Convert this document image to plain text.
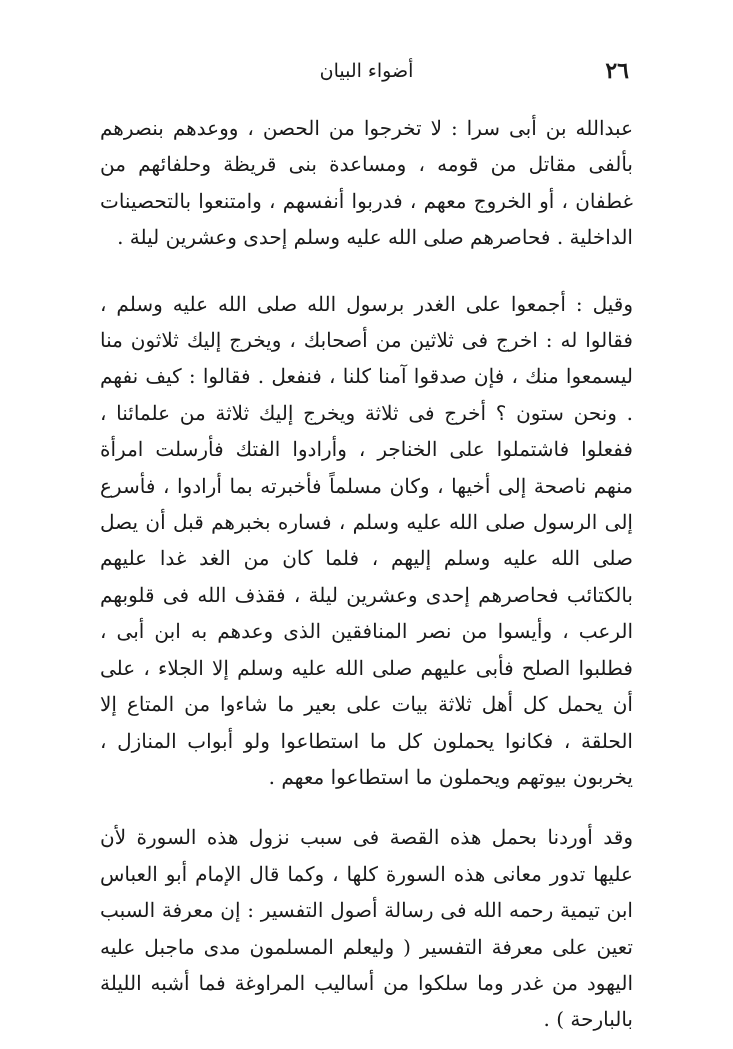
٢٦
أضواء البيان

عبدالله بن أبى سرا : لا تخرجوا من الحصن ، ووعدهم بنصرهم بألفى مقاتل من قومه ، ومساعدة بنى قريظة وحلفائهم من غطفان ، أو الخروج معهم ، فدربوا أنفسهم ، وامتنعوا بالتحصينات الداخلية . فحاصرهم صلى الله عليه وسلم إحدى وعشرين ليلة .

وقيل : أجمعوا على الغدر برسول الله صلى الله عليه وسلم ، فقالوا له : اخرج فى ثلاثين من أصحابك ، ويخرج إليك ثلاثون منا ليسمعوا منك ، فإن صدقوا آمنا كلنا ، فنفعل . فقالوا : كيف نفهم . ونحن ستون ؟ أخرج فى ثلاثة ويخرج إليك ثلاثة من علمائنا ، ففعلوا فاشتملوا على الخناجر ، وأرادوا الفتك فأرسلت امرأة منهم ناصحة إلى أخيها ، وكان مسلماً فأخبرته بما أرادوا ، فأسرع إلى الرسول صلى الله عليه وسلم ، فساره بخبرهم قبل أن يصل صلى الله عليه وسلم إليهم ، فلما كان من الغد غدا عليهم بالكتائب فحاصرهم إحدى وعشرين ليلة ، فقذف الله فى قلوبهم الرعب ، وأيسوا من نصر المنافقين الذى وعدهم به ابن أبى ، فطلبوا الصلح فأبى عليهم صلى الله عليه وسلم إلا الجلاء ، على أن يحمل كل أهل ثلاثة بيات على بعير ما شاءوا من المتاع إلا الحلقة ، فكانوا يحملون كل ما استطاعوا ولو أبواب المنازل ، يخربون بيوتهم ويحملون ما استطاعوا معهم .

وقد أوردنا بحمل هذه القصة فى سبب نزول هذه السورة لأن عليها تدور معانى هذه السورة كلها ، وكما قال الإمام أبو العباس ابن تيمية رحمه الله فى رسالة أصول التفسير : إن معرفة السبب تعين على معرفة التفسير ( وليعلم المسلمون مدى ماجبل عليه اليهود من غدر وما سلكوا من أساليب المراوغة فما أشبه الليلة بالبارحة ) .
